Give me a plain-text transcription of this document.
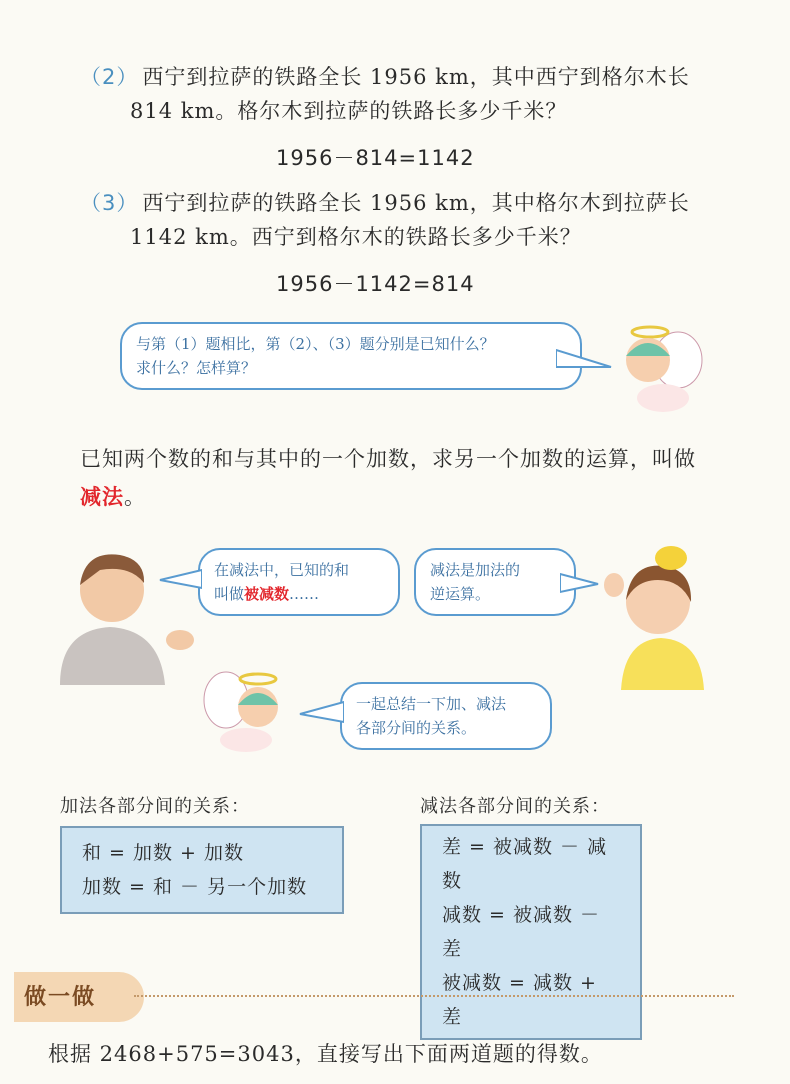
（2） 西宁到拉萨的铁路全长 1956 km，其中西宁到格尔木长
814 km。格尔木到拉萨的铁路长多少千米？
1956－814=1142
（3） 西宁到拉萨的铁路全长 1956 km，其中格尔木到拉萨长
1142 km。西宁到格尔木的铁路长多少千米？
1956－1142=814
与第（1）题相比，第（2）、（3）题分别是已知什么？
求什么？怎样算？
已知两个数的和与其中的一个加数，求另一个加数的运算，叫做减法。
在减法中，已知的和
叫做被减数……
减法是加法的
逆运算。
一起总结一下加、减法
各部分间的关系。
加法各部分间的关系：
和 = 加数 + 加数
加数 = 和 － 另一个加数
减法各部分间的关系：
差 = 被减数 － 减数
减数 = 被减数 － 差
被减数 = 减数 + 差
做一做
根据 2468+575=3043，直接写出下面两道题的得数。
